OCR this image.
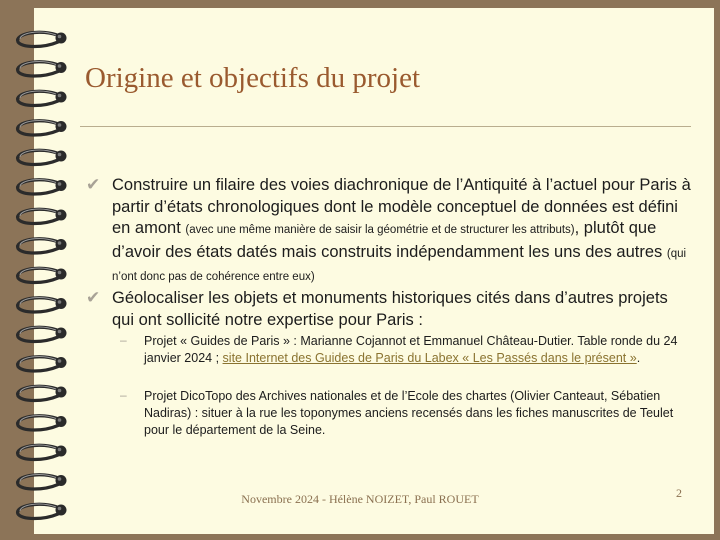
Origine et objectifs du projet
✔ Construire un filaire des voies diachronique de l’Antiquité à l’actuel pour Paris à partir d’états chronologiques dont le modèle conceptuel de données est défini en amont (avec une même manière de saisir la géométrie et de structurer les attributs), plutôt que d’avoir des états datés mais construits indépendamment les uns des autres (qui n’ont donc pas de cohérence entre eux)
✔ Géolocaliser les objets et monuments historiques cités dans d’autres projets qui ont sollicité notre expertise pour Paris :
– Projet « Guides de Paris » : Marianne Cojannot et Emmanuel Château-Dutier. Table ronde du 24 janvier 2024 ; site Internet des Guides de Paris du Labex « Les Passés dans le présent ».
– Projet DicoTopo des Archives nationales et de l’Ecole des chartes (Olivier Canteaut, Sébatien Nadiras) : situer à la rue les toponymes anciens recensés dans les fiches manuscrites de Teulet pour le département de la Seine.
Novembre 2024 - Hélène NOIZET, Paul ROUET	2
